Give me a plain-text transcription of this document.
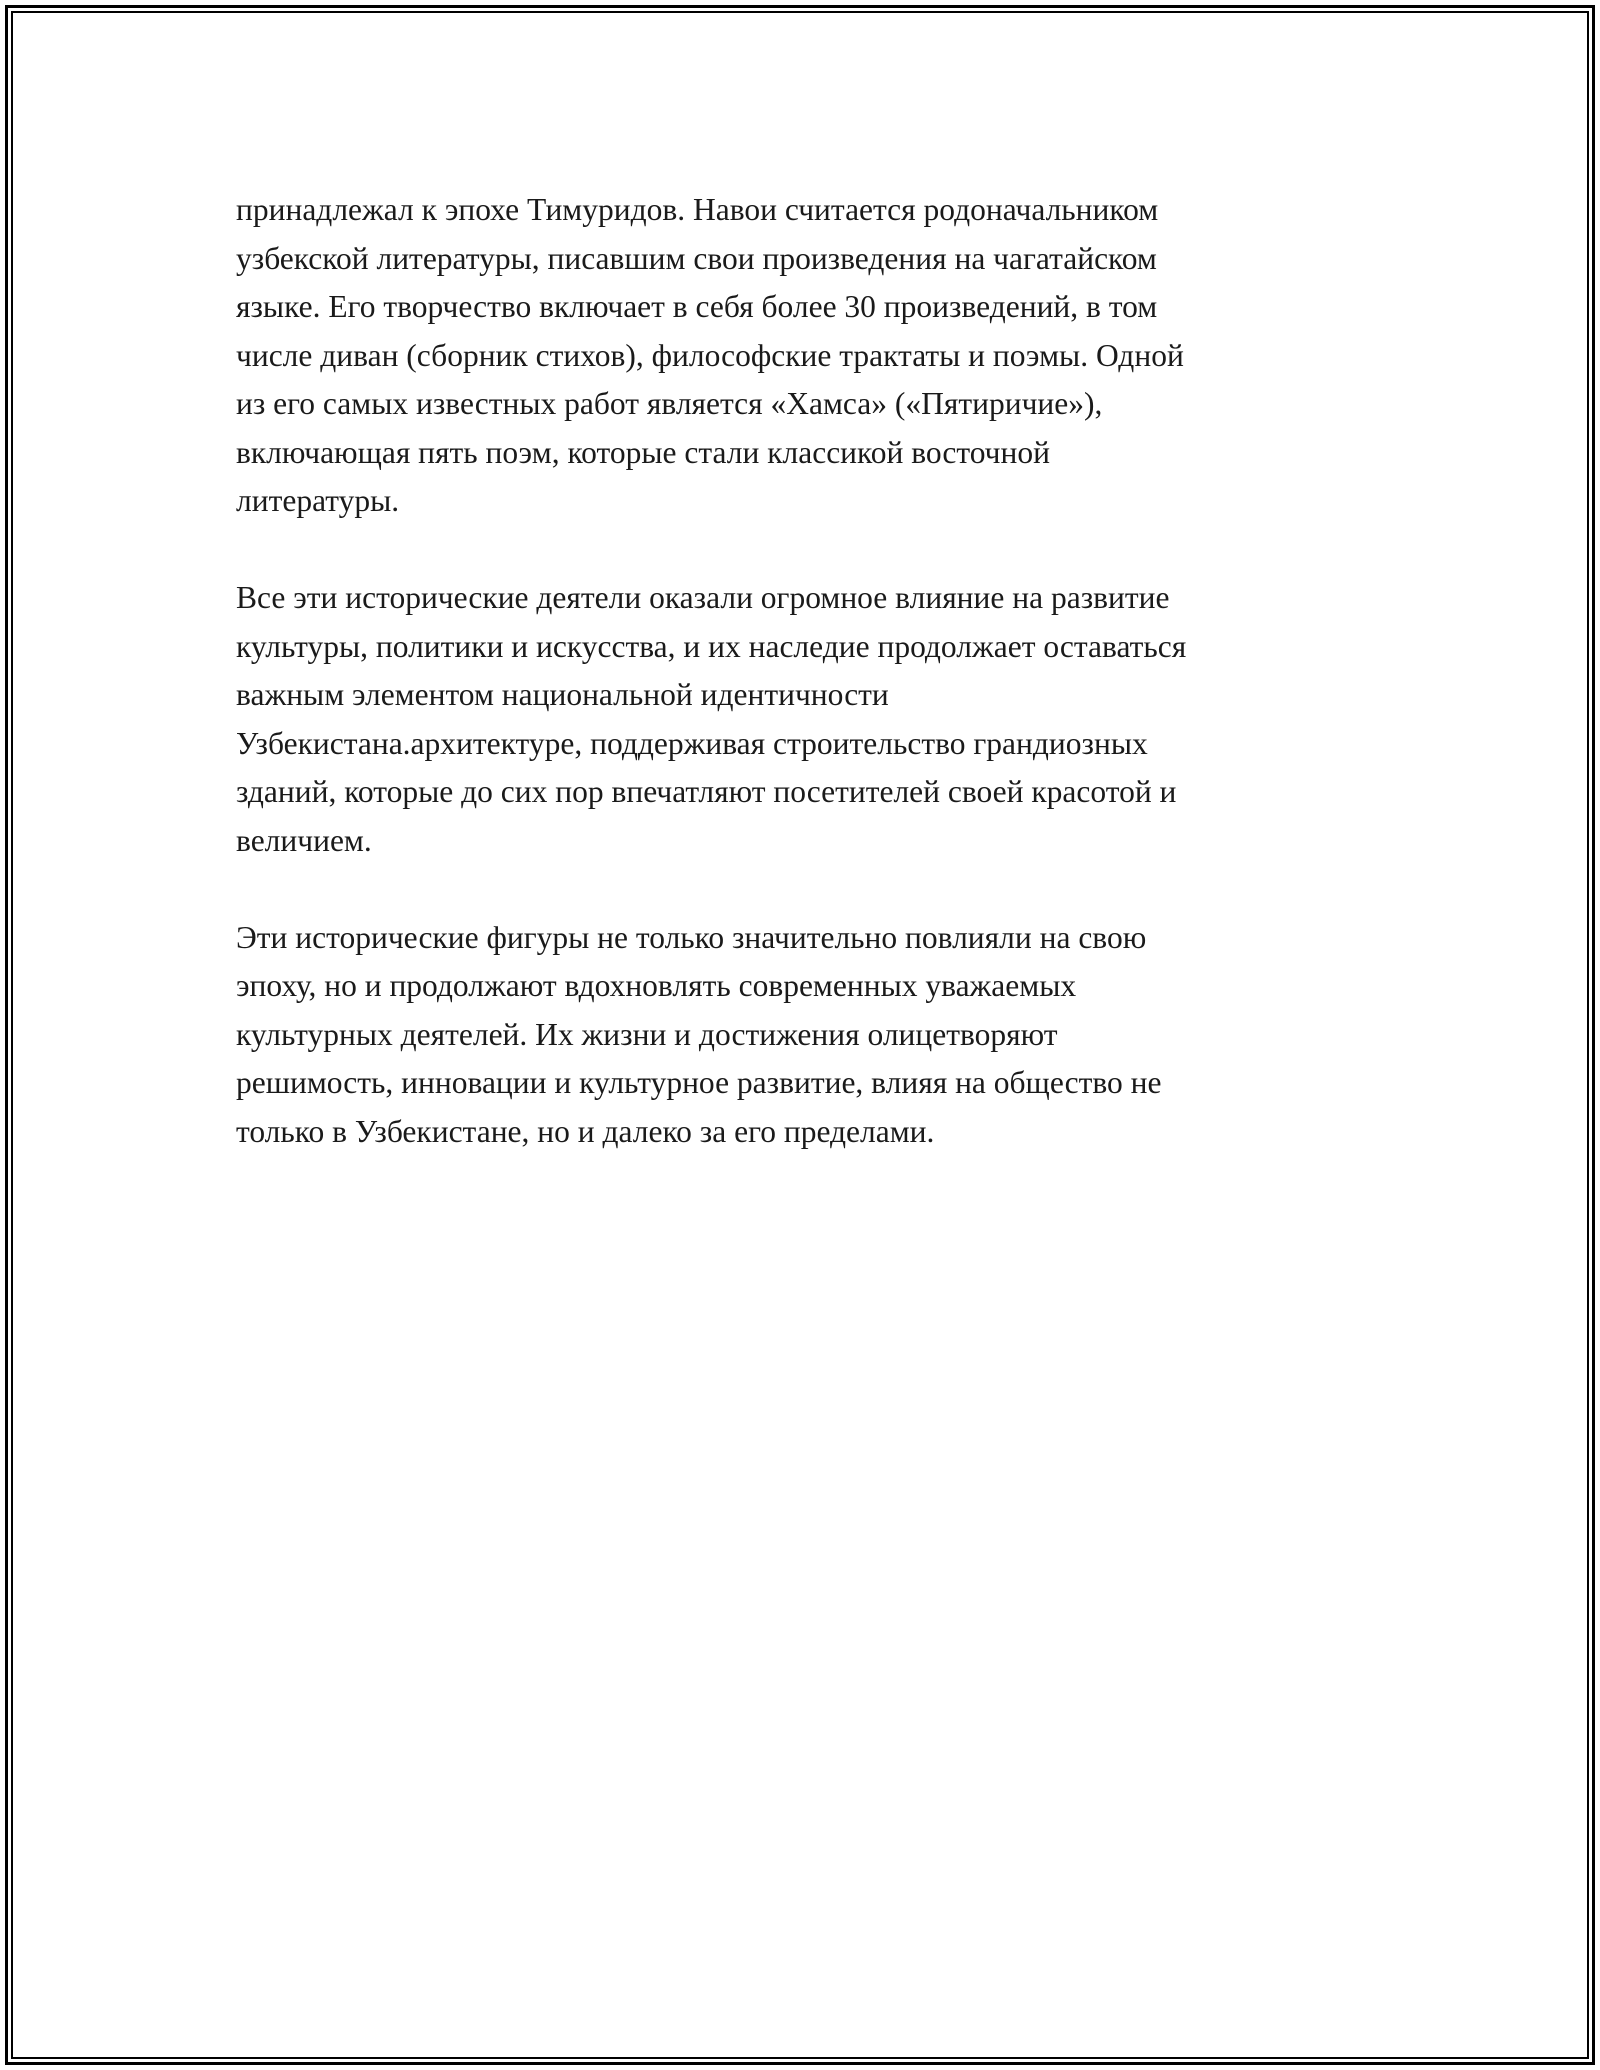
принадлежал к эпохе Тимуридов. Навои считается родоначальником
узбекской литературы, писавшим свои произведения на чагатайском
языке. Его творчество включает в себя более 30 произведений, в том
числе диван (сборник стихов), философские трактаты и поэмы. Одной
из его самых известных работ является «Хамса» («Пятиричие»),
включающая пять поэм, которые стали классикой восточной
литературы.

Все эти исторические деятели оказали огромное влияние на развитие
культуры, политики и искусства, и их наследие продолжает оставаться
важным элементом национальной идентичности
Узбекистана.архитектуре, поддерживая строительство грандиозных
зданий, которые до сих пор впечатляют посетителей своей красотой и
величием.

Эти исторические фигуры не только значительно повлияли на свою
эпоху, но и продолжают вдохновлять современных уважаемых
культурных деятелей. Их жизни и достижения олицетворяют
решимость, инновации и культурное развитие, влияя на общество не
только в Узбекистане, но и далеко за его пределами.
